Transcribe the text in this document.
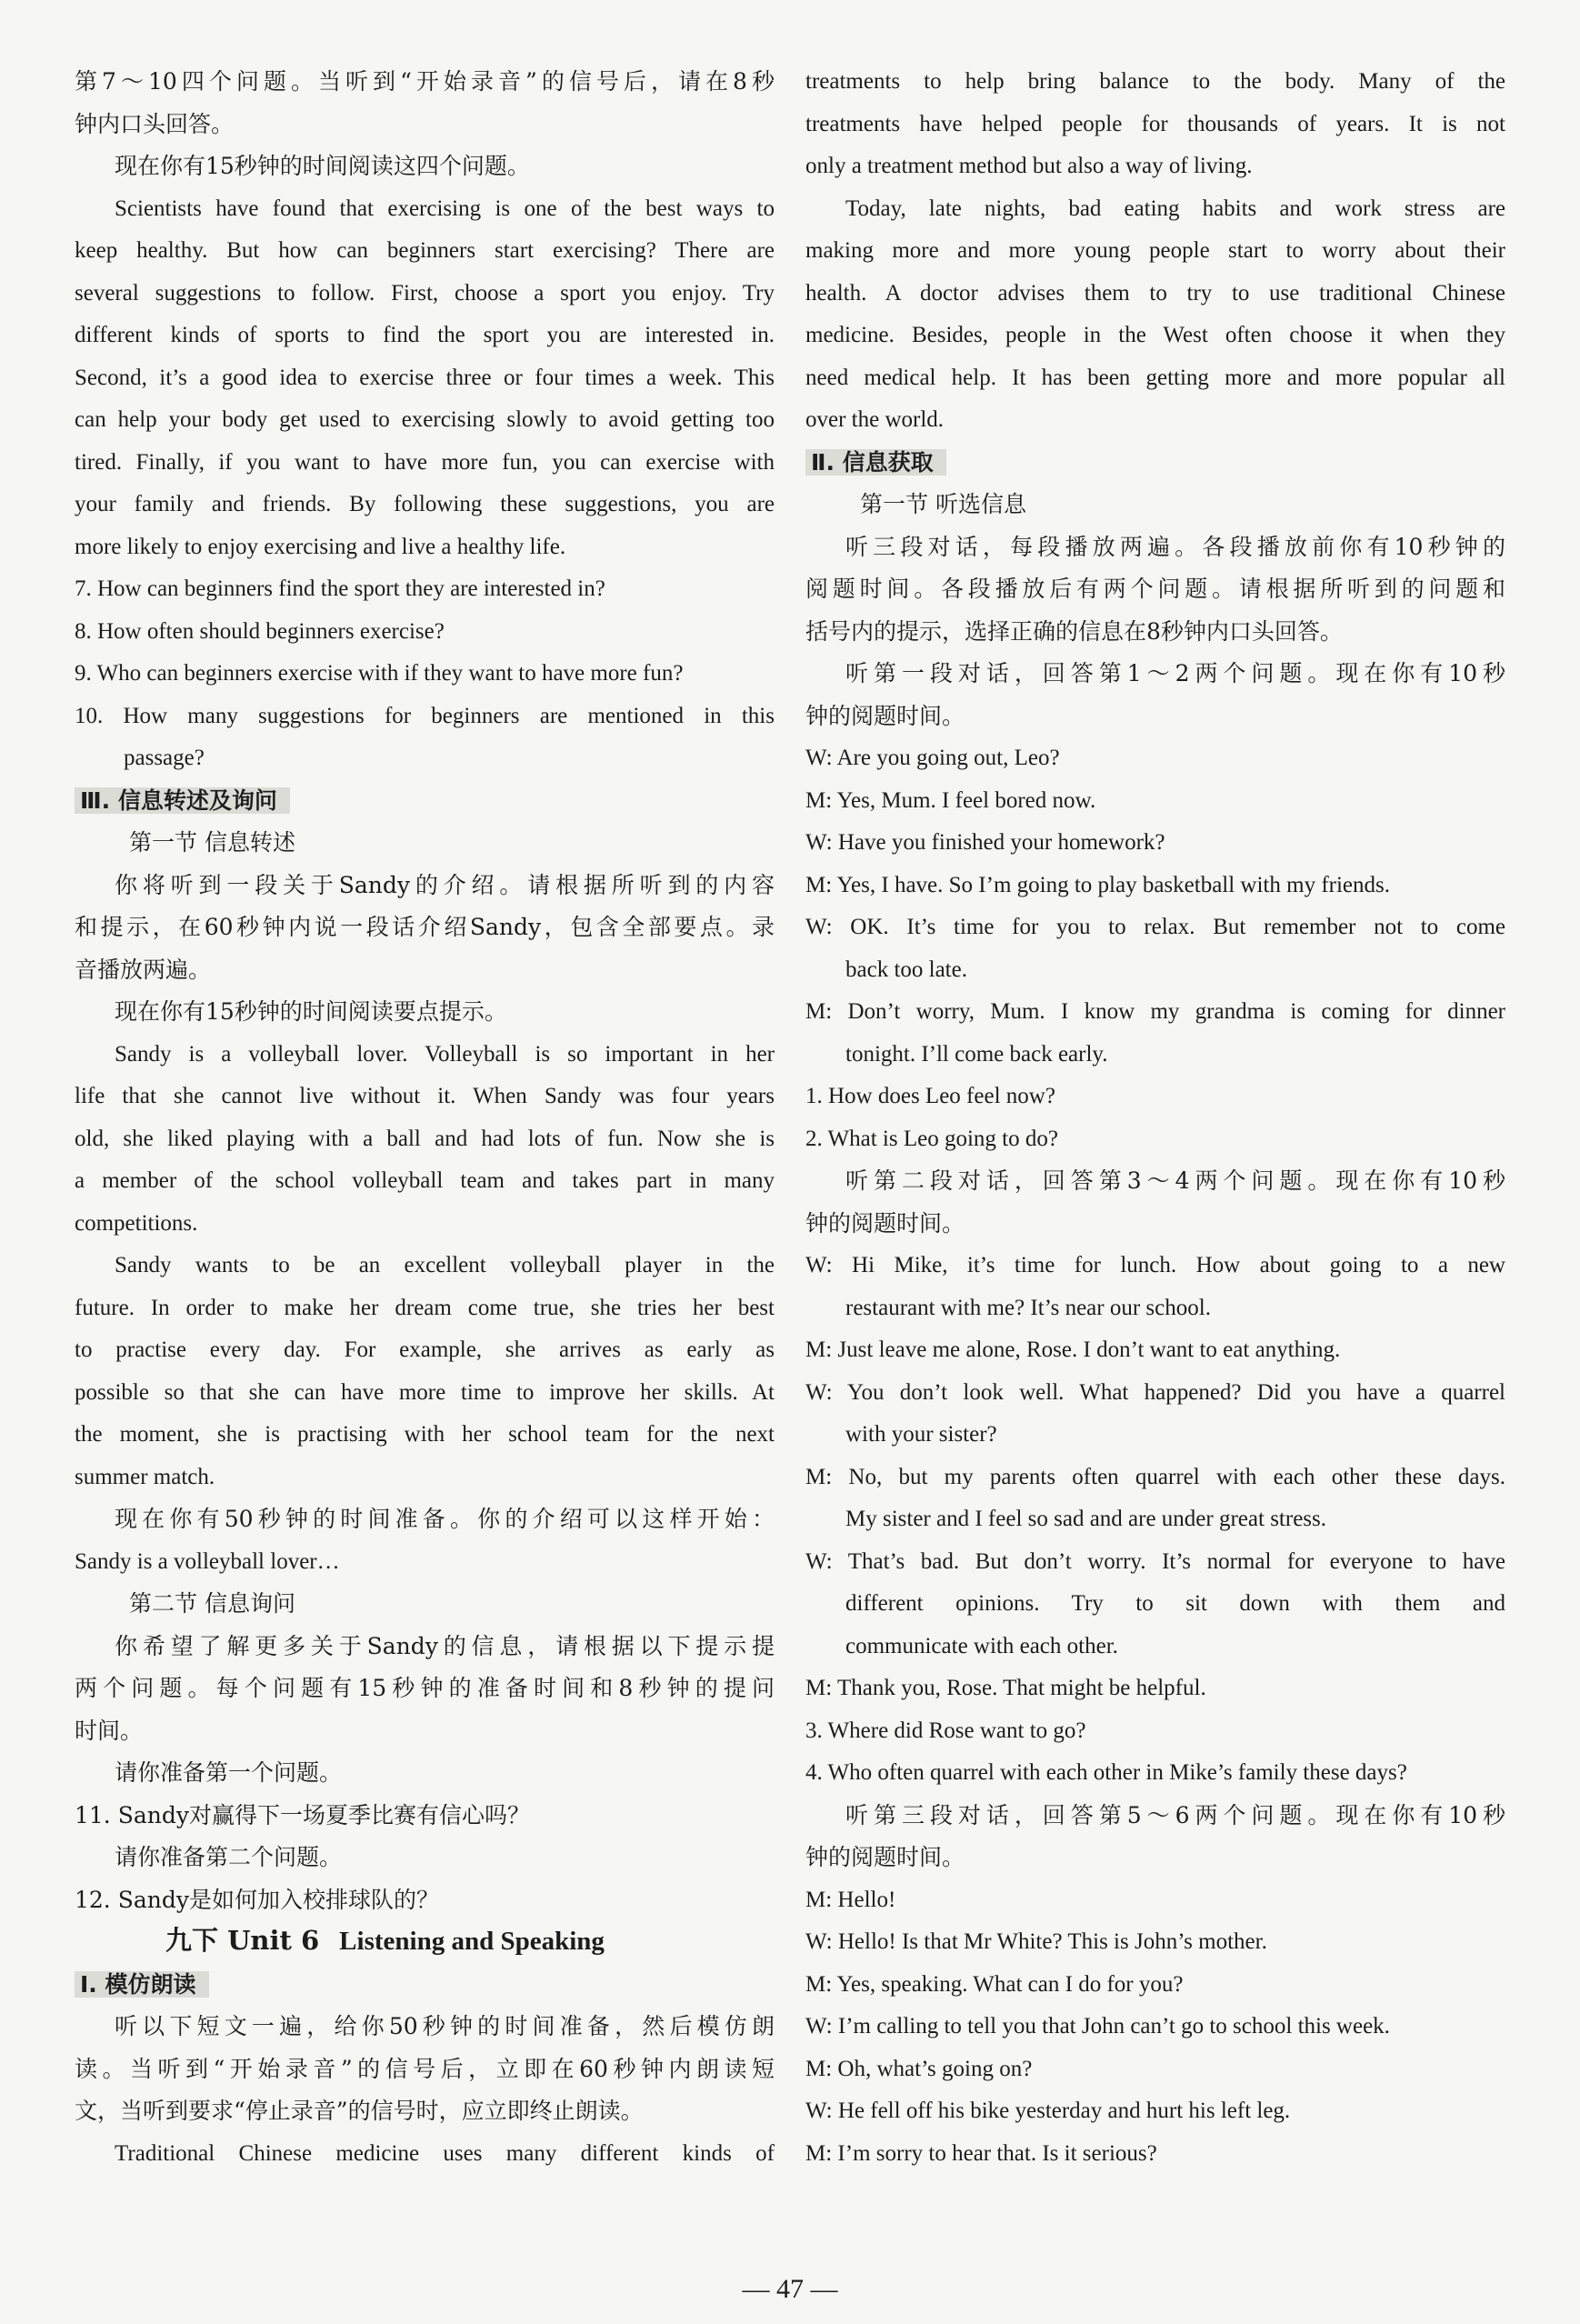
第7～10四个问题。当听到“开始录音”的信号后，请在8秒
钟内口头回答。
现在你有15秒钟的时间阅读这四个问题。
Scientists have found that exercising is one of the best ways to
keep healthy. But how can beginners start exercising? There are
several suggestions to follow. First, choose a sport you enjoy. Try
different kinds of sports to find the sport you are interested in.
Second, it’s a good idea to exercise three or four times a week. This
can help your body get used to exercising slowly to avoid getting too
tired. Finally, if you want to have more fun, you can exercise with
your family and friends. By following these suggestions, you are
more likely to enjoy exercising and live a healthy life.
7. How can beginners find the sport they are interested in?
8. How often should beginners exercise?
9. Who can beginners exercise with if they want to have more fun?
10. How many suggestions for beginners are mentioned in this
passage?
Ⅲ. 信息转述及询问
第一节 信息转述
你将听到一段关于Sandy的介绍。请根据所听到的内容
和提示，在60秒钟内说一段话介绍Sandy，包含全部要点。录
音播放两遍。
现在你有15秒钟的时间阅读要点提示。
Sandy is a volleyball lover. Volleyball is so important in her
life that she cannot live without it. When Sandy was four years
old, she liked playing with a ball and had lots of fun. Now she is
a member of the school volleyball team and takes part in many
competitions.
Sandy wants to be an excellent volleyball player in the
future. In order to make her dream come true, she tries her best
to practise every day. For example, she arrives as early as
possible so that she can have more time to improve her skills. At
the moment, she is practising with her school team for the next
summer match.
现在你有50秒钟的时间准备。你的介绍可以这样开始：
Sandy is a volleyball lover…
第二节 信息询问
你希望了解更多关于Sandy的信息，请根据以下提示提
两个问题。每个问题有15秒钟的准备时间和8秒钟的提问
时间。
请你准备第一个问题。
11. Sandy对赢得下一场夏季比赛有信心吗？
请你准备第二个问题。
12. Sandy是如何加入校排球队的？
九下 Unit 6 Listening and Speaking
Ⅰ. 模仿朗读
听以下短文一遍，给你50秒钟的时间准备，然后模仿朗
读。当听到“开始录音”的信号后，立即在60秒钟内朗读短
文，当听到要求“停止录音”的信号时，应立即终止朗读。
Traditional Chinese medicine uses many different kinds of
treatments to help bring balance to the body. Many of the
treatments have helped people for thousands of years. It is not
only a treatment method but also a way of living.
Today, late nights, bad eating habits and work stress are
making more and more young people start to worry about their
health. A doctor advises them to try to use traditional Chinese
medicine. Besides, people in the West often choose it when they
need medical help. It has been getting more and more popular all
over the world.
Ⅱ. 信息获取
第一节 听选信息
听三段对话，每段播放两遍。各段播放前你有10秒钟的
阅题时间。各段播放后有两个问题。请根据所听到的问题和
括号内的提示，选择正确的信息在8秒钟内口头回答。
听第一段对话，回答第1～2两个问题。现在你有10秒
钟的阅题时间。
W: Are you going out, Leo?
M: Yes, Mum. I feel bored now.
W: Have you finished your homework?
M: Yes, I have. So I’m going to play basketball with my friends.
W: OK. It’s time for you to relax. But remember not to come
back too late.
M: Don’t worry, Mum. I know my grandma is coming for dinner
tonight. I’ll come back early.
1. How does Leo feel now?
2. What is Leo going to do?
听第二段对话，回答第3～4两个问题。现在你有10秒
钟的阅题时间。
W: Hi Mike, it’s time for lunch. How about going to a new
restaurant with me? It’s near our school.
M: Just leave me alone, Rose. I don’t want to eat anything.
W: You don’t look well. What happened? Did you have a quarrel
with your sister?
M: No, but my parents often quarrel with each other these days.
My sister and I feel so sad and are under great stress.
W: That’s bad. But don’t worry. It’s normal for everyone to have
different opinions. Try to sit down with them and
communicate with each other.
M: Thank you, Rose. That might be helpful.
3. Where did Rose want to go?
4. Who often quarrel with each other in Mike’s family these days?
听第三段对话，回答第5～6两个问题。现在你有10秒
钟的阅题时间。
M: Hello!
W: Hello! Is that Mr White? This is John’s mother.
M: Yes, speaking. What can I do for you?
W: I’m calling to tell you that John can’t go to school this week.
M: Oh, what’s going on?
W: He fell off his bike yesterday and hurt his left leg.
M: I’m sorry to hear that. Is it serious?
— 47 —
